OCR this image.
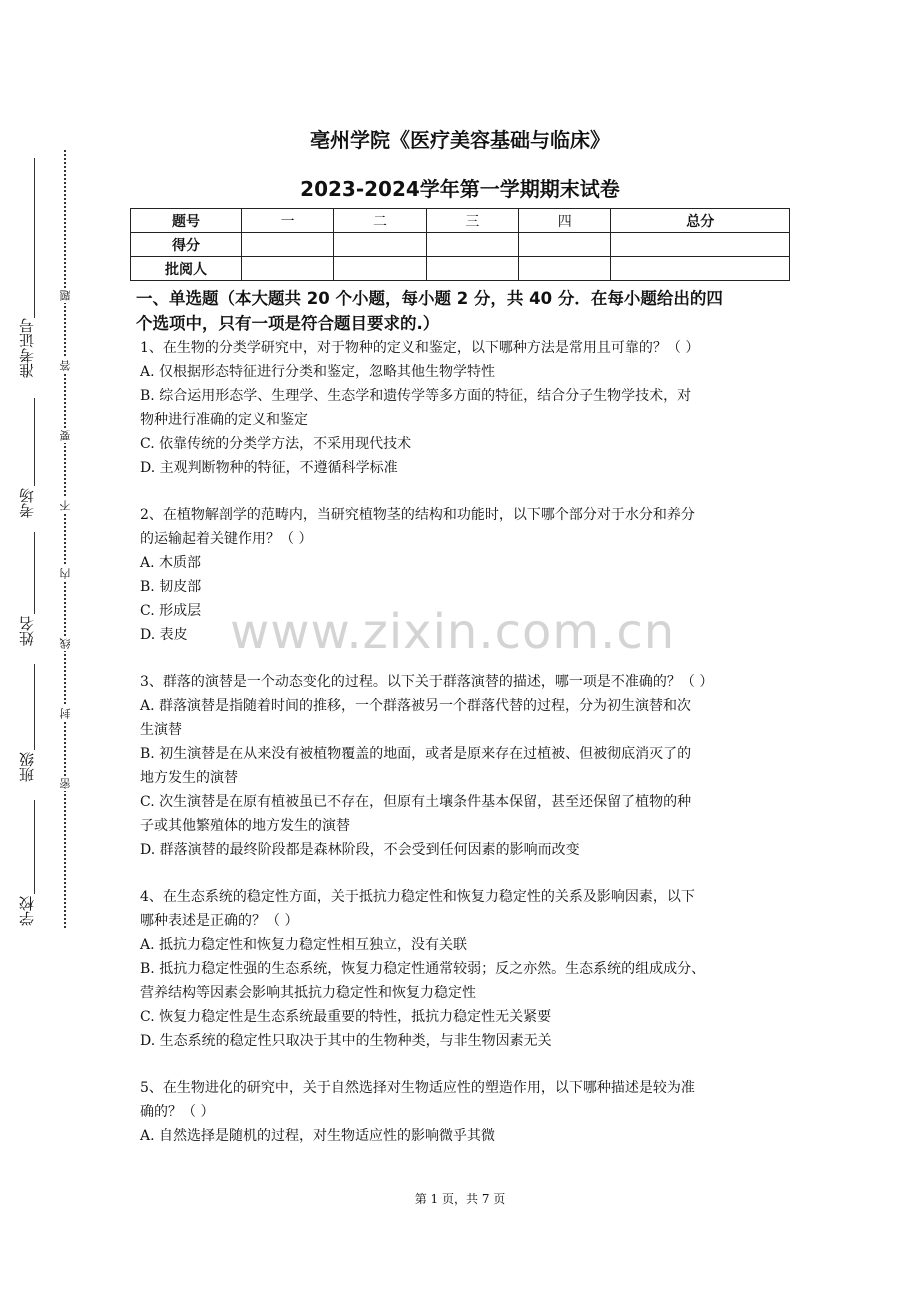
准考证号
考场
姓名
班级
学校
题
答
要
不
内
线
封
密
亳州学院《医疗美容基础与临床》
2023-2024学年第一学期期末试卷
题号	一	二	三	四	总分
得分					
批阅人					
www.zixin.com.cn
一、单选题（本大题共 20 个小题，每小题 2 分，共 40 分．在每小题给出的四
个选项中，只有一项是符合题目要求的.）
1、在生物的分类学研究中，对于物种的定义和鉴定，以下哪种方法是常用且可靠的？（ ）
A. 仅根据形态特征进行分类和鉴定，忽略其他生物学特性
B. 综合运用形态学、生理学、生态学和遗传学等多方面的特征，结合分子生物学技术，对
物种进行准确的定义和鉴定
C. 依靠传统的分类学方法，不采用现代技术
D. 主观判断物种的特征，不遵循科学标准
2、在植物解剖学的范畴内，当研究植物茎的结构和功能时，以下哪个部分对于水分和养分
的运输起着关键作用？（ ）
A. 木质部
B. 韧皮部
C. 形成层
D. 表皮
3、群落的演替是一个动态变化的过程。以下关于群落演替的描述，哪一项是不准确的？（ ）
A. 群落演替是指随着时间的推移，一个群落被另一个群落代替的过程，分为初生演替和次
生演替
B. 初生演替是在从来没有被植物覆盖的地面，或者是原来存在过植被、但被彻底消灭了的
地方发生的演替
C. 次生演替是在原有植被虽已不存在，但原有土壤条件基本保留，甚至还保留了植物的种
子或其他繁殖体的地方发生的演替
D. 群落演替的最终阶段都是森林阶段，不会受到任何因素的影响而改变
4、在生态系统的稳定性方面，关于抵抗力稳定性和恢复力稳定性的关系及影响因素，以下
哪种表述是正确的？（ ）
A. 抵抗力稳定性和恢复力稳定性相互独立，没有关联
B. 抵抗力稳定性强的生态系统，恢复力稳定性通常较弱；反之亦然。生态系统的组成成分、
营养结构等因素会影响其抵抗力稳定性和恢复力稳定性
C. 恢复力稳定性是生态系统最重要的特性，抵抗力稳定性无关紧要
D. 生态系统的稳定性只取决于其中的生物种类，与非生物因素无关
5、在生物进化的研究中，关于自然选择对生物适应性的塑造作用，以下哪种描述是较为准
确的？（ ）
A. 自然选择是随机的过程，对生物适应性的影响微乎其微
第 1 页，共 7 页
